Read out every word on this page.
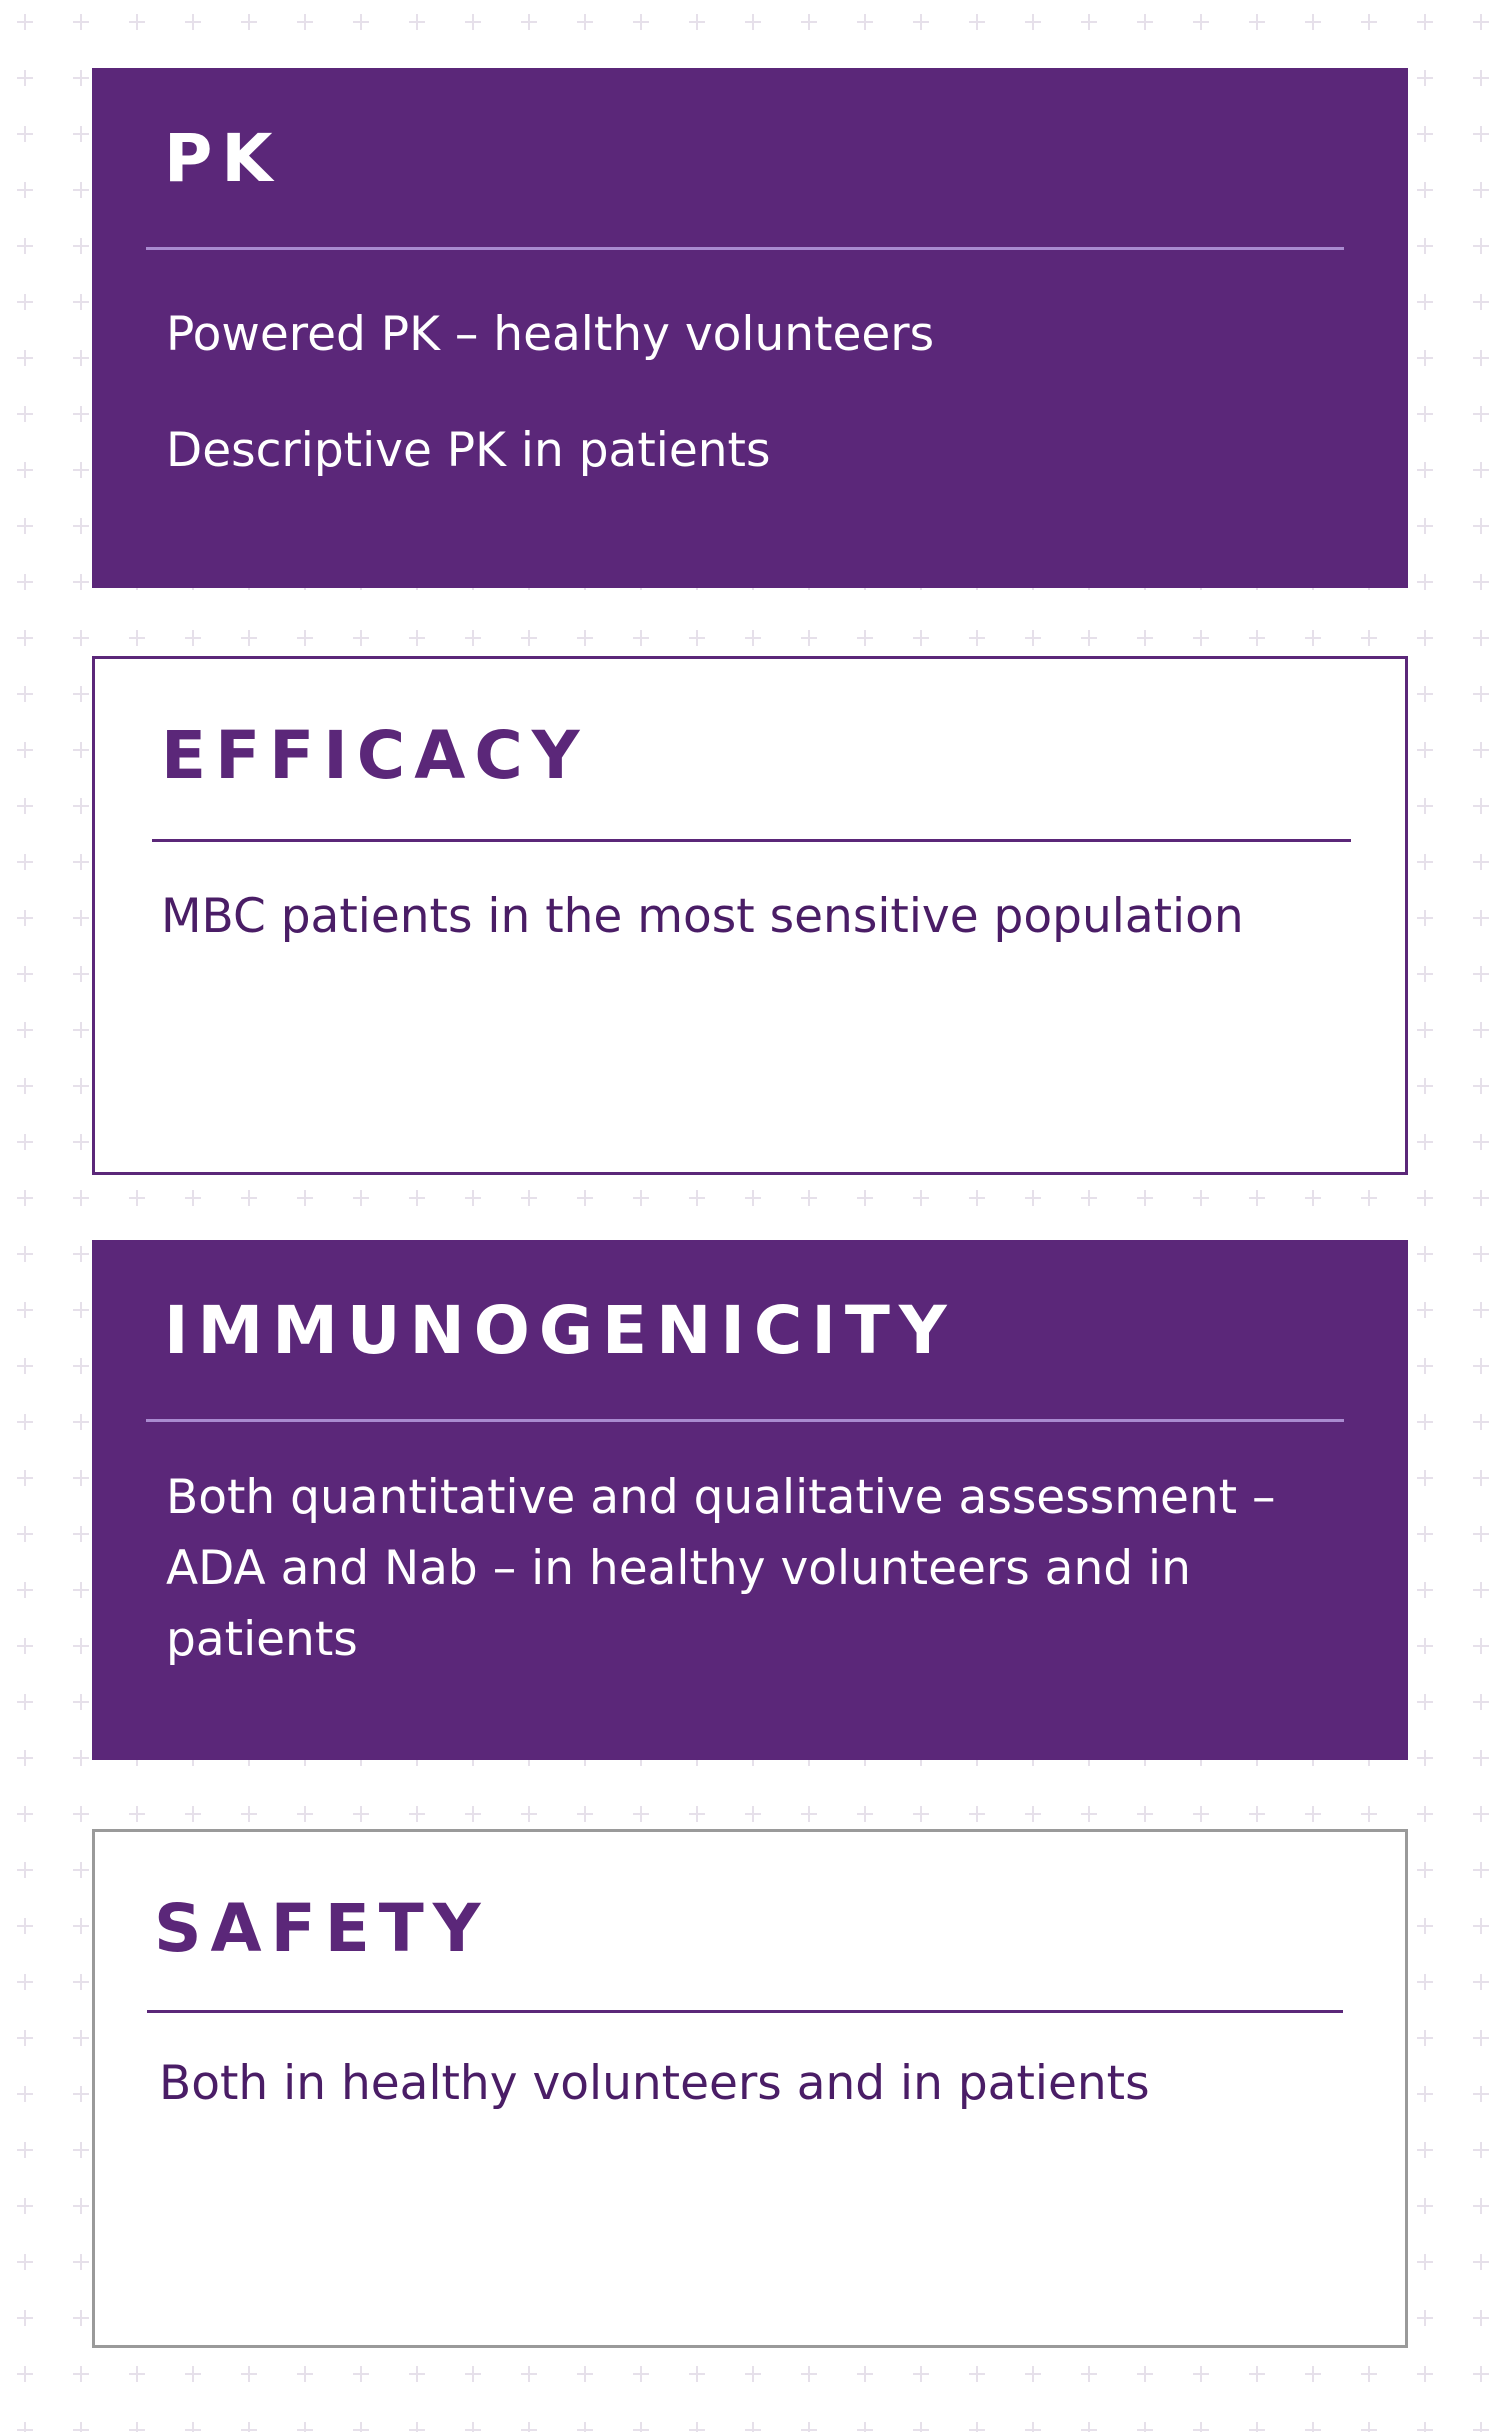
PK
Powered PK – healthy volunteers
Descriptive PK in patients
EFFICACY
MBC patients in the most sensitive population
IMMUNOGENICITY

Both quantitative and qualitative assessment – ADA and Nab – in healthy volunteers and in patients

SAFETY
Both in healthy volunteers and in patients
